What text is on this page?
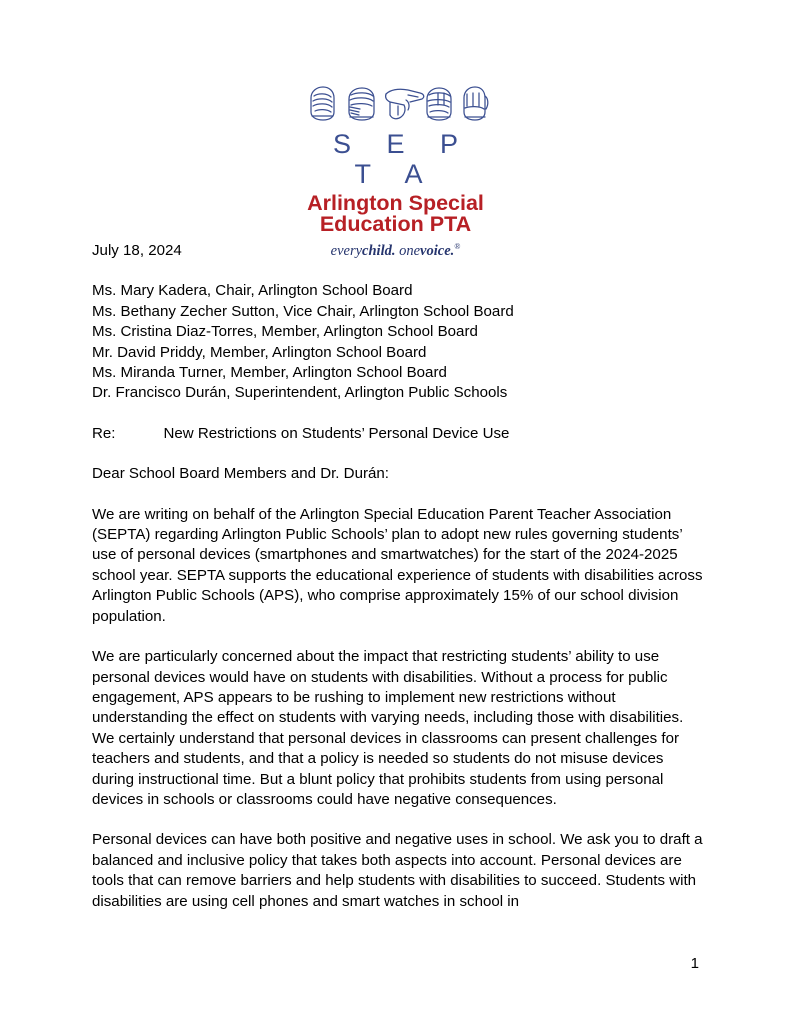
S E P T A
Arlington Special
Education PTA
everychild. onevoice.®

July 18, 2024

Ms. Mary Kadera, Chair, Arlington School Board
Ms. Bethany Zecher Sutton, Vice Chair, Arlington School Board
Ms. Cristina Diaz-Torres, Member, Arlington School Board
Mr. David Priddy, Member, Arlington School Board
Ms. Miranda Turner, Member, Arlington School Board
Dr. Francisco Durán, Superintendent, Arlington Public Schools

Re:	New Restrictions on Students’ Personal Device Use

Dear School Board Members and Dr. Durán:

We are writing on behalf of the Arlington Special Education Parent Teacher Association (SEPTA) regarding Arlington Public Schools’ plan to adopt new rules governing students’ use of personal devices (smartphones and smartwatches) for the start of the 2024-2025 school year. SEPTA supports the educational experience of students with disabilities across Arlington Public Schools (APS), who comprise approximately 15% of our school division population.

We are particularly concerned about the impact that restricting students’ ability to use personal devices would have on students with disabilities. Without a process for public engagement, APS appears to be rushing to implement new restrictions without understanding the effect on students with varying needs, including those with disabilities. We certainly understand that personal devices in classrooms can present challenges for teachers and students, and that a policy is needed so students do not misuse devices during instructional time. But a blunt policy that prohibits students from using personal devices in schools or classrooms could have negative consequences.

Personal devices can have both positive and negative uses in school. We ask you to draft a balanced and inclusive policy that takes both aspects into account. Personal devices are tools that can remove barriers and help students with disabilities to succeed. Students with disabilities are using cell phones and smart watches in school in

1
